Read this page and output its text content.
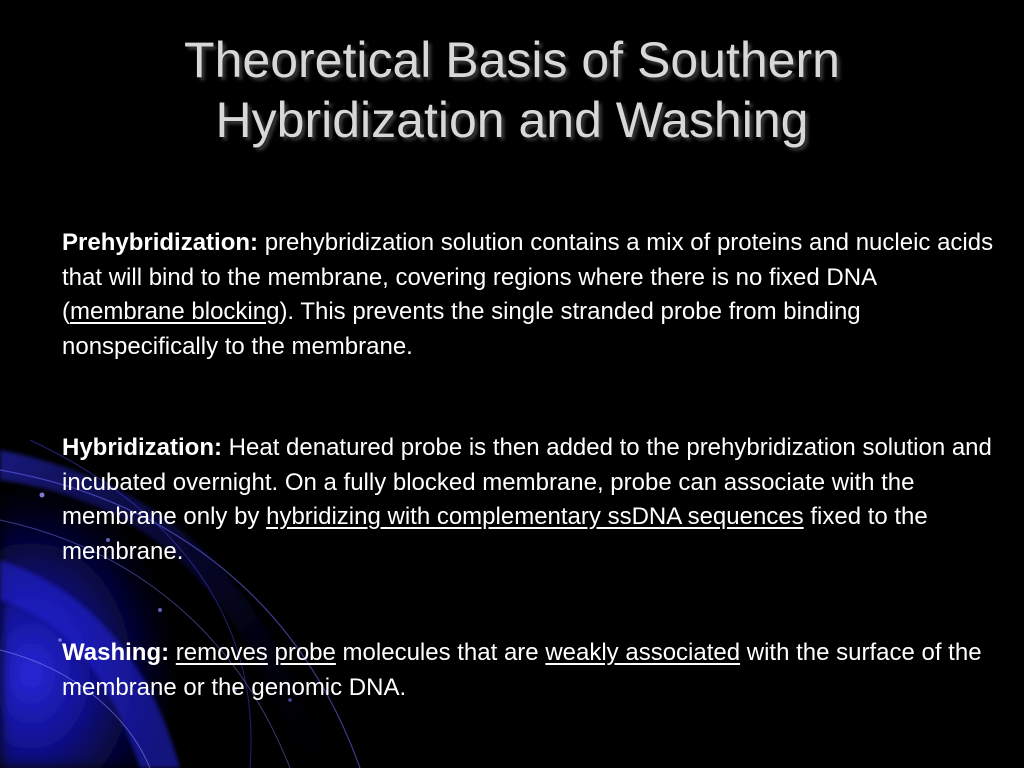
Theoretical Basis of Southern
Hybridization and Washing

Prehybridization: prehybridization solution contains a mix of proteins and nucleic acids that will bind to the membrane, covering regions where there is no fixed DNA (membrane blocking). This prevents the single stranded probe from binding nonspecifically to the membrane.

Hybridization: Heat denatured probe is then added to the prehybridization solution and incubated overnight. On a fully blocked membrane, probe can associate with the membrane only by hybridizing with complementary ssDNA sequences fixed to the membrane.

Washing: removes probe molecules that are weakly associated with the surface of the membrane or the genomic DNA.
